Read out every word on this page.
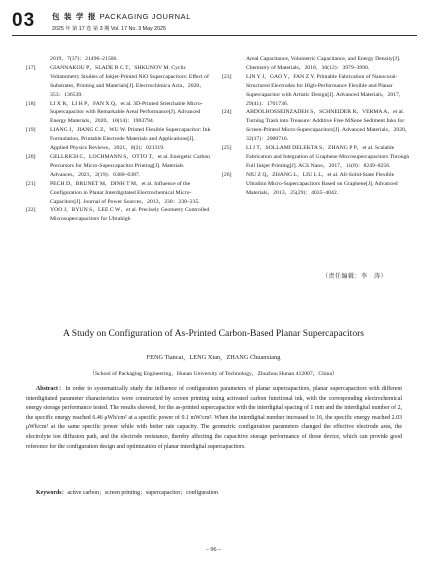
03 包 装 学 报 PACKAGING JOURNAL
2025 年 第 17 卷 第 3 期 Vol. 17 No. 3 May 2025
2019，7(37)：21496–21506.
[17]	GIANNAKOU P，SLADE R C T，SHKUNOV M. Cyclic Voltammetry Studies of Inkjet-Printed NiO Supercapacitors: Effect of Substrates, Printing and Materials[J]. Electrochimica Acta，2020，353：136539.
[18]	LI X R，LI H P，FAN X Q，et al. 3D-Printed Stretchable Micro-Supercapacitor with Remarkable Areal Performance[J]. Advanced Energy Materials，2020，10(14)：1903794.
[19]	LIANG J，JIANG C Z，WU W. Printed Flexible Supercapacitor: Ink Formulation, Printable Electrode Materials and Applications[J]. Applied Physics Reviews，2021，8(2)：021319.
[20]	GELLRICH C，LOCHMANN S，OTTO T，et al. Energetic Carbon Precursors for Micro-Supercapacitor Printing[J]. Materials Advances，2021，2(19)：6380–6387.
[21]	PECH D，BRUNET M，DINH T M，et al. Influence of the Configuration in Planar Interdigitated Electrochemical Micro-Capacitors[J]. Journal of Power Sources，2013，230：230–235.
[22]	YOO J，BYUN S，LEE C W，et al. Precisely Geometry Controlled Microsupercapacitors for Ultrahigh
Areal Capacitance, Volumetric Capacitance, and Energy Density[J]. Chemistry of Materials，2018，30(12)：3979–3990.
[23]	LIN Y J，GAO Y，FAN Z Y. Printable Fabrication of Nanocoral-Structured Electrodes for High-Performance Flexible and Planar Supercapacitor with Artistic Design[J]. Advanced Materials，2017，29(41)：1701736.
[24]	ABDOLHOSSEINZADEH S，SCHNEIDER R，VERMA A，et al. Turning Trash into Treasure: Additive Free MXene Sediment Inks for Screen-Printed Micro-Supercapacitors[J]. Advanced Materials，2020，32(17)：2000716.
[25]	LI J T，SOLLAMI DELEKTA S，ZHANG P P，et al. Scalable Fabrication and Integration of Graphene Microsupercapacitors Through Full Inkjet Printing[J]. ACS Nano，2017，11(8)：8249–8256.
[26]	NIU Z Q，ZHANG L，LIU L L，et al. All-Solid-State Flexible Ultrathin Micro-Supercapacitors Based on Graphene[J]. Advanced Materials，2013，25(29)：4035–4042.
（责任编辑：李　涛）
A Study on Configuration of As-Printed Carbon-Based Planar Supercapacitors
FENG Tiancai，LENG Xian，ZHANG Chuanxiang
（School of Packaging Engineering，Hunan University of Technology，Zhuzhou Hunan 412007，China）
Abstract：In order to systematically study the influence of configuration parameters of planar supercapacitors, planar supercapacitors with different interdigitated parameter characteristics were constructed by screen printing using activated carbon functional ink, with the corresponding electrochemical energy storage performance tested. The results showed, for the as-printed supercapacitor with the interdigital spacing of 1 mm and the interdigital number of 2, the specific energy reached 6.46 μWh/cm² at a specific power of 0.1 mW/cm². When the interdigital number increased to 16, the specific energy reached 2.03 μWh/cm² at the same specific power while with better rate capacity. The geometric configuration parameters changed the effective electrode area, the electrolyte ion diffusion path, and the electrode resistance, thereby affecting the capacitive storage performance of those device, which can provide good reference for the configuration design and optimization of planar interdigital supercapacitors.
Keywords：active carbon；screen printing；supercapacitor；configuration
– 96 –
